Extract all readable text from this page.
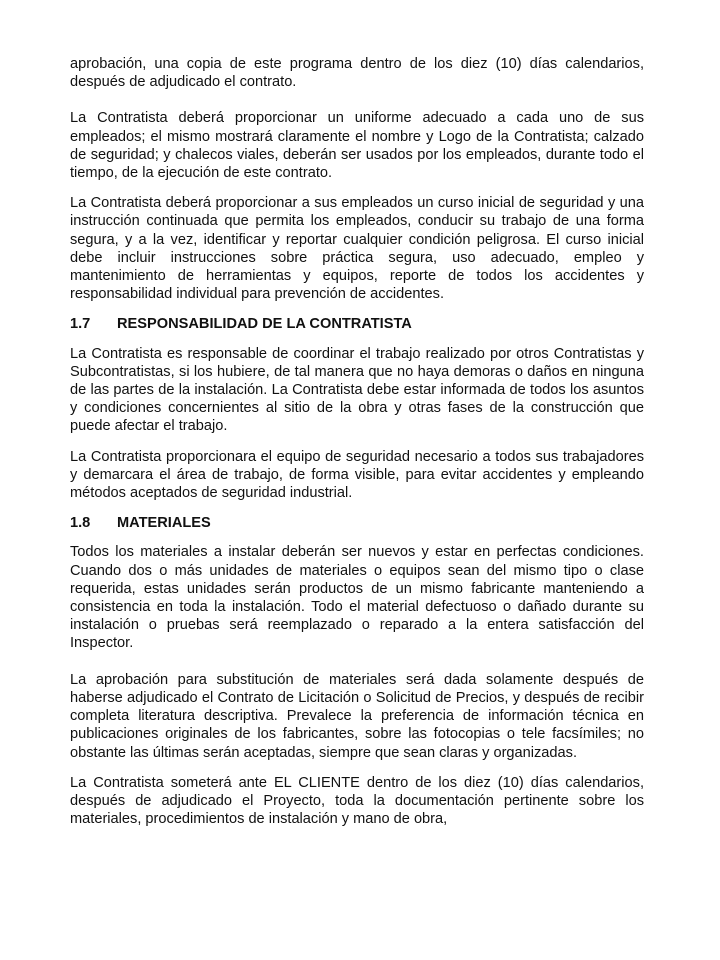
aprobación, una copia de este programa dentro de los diez (10) días calendarios, después de adjudicado el contrato.

La Contratista deberá proporcionar un uniforme adecuado a cada uno de sus empleados; el mismo mostrará claramente el nombre y Logo de la Contratista; calzado de seguridad; y chalecos viales, deberán ser usados por los empleados, durante todo el tiempo, de la ejecución de este contrato.

La Contratista deberá proporcionar a sus empleados un curso inicial de seguridad y una instrucción continuada que permita los empleados, conducir su trabajo de una forma segura, y a la vez, identificar y reportar cualquier condición peligrosa. El curso inicial debe incluir instrucciones sobre práctica segura, uso adecuado, empleo y mantenimiento de herramientas y equipos, reporte de todos los accidentes y responsabilidad individual para prevención de accidentes.

1.7	RESPONSABILIDAD DE LA CONTRATISTA

La Contratista es responsable de coordinar el trabajo realizado por otros Contratistas y Subcontratistas, si los hubiere, de tal manera que no haya demoras o daños en ninguna de las partes de la instalación. La Contratista debe estar informada de todos los asuntos y condiciones concernientes al sitio de la obra y otras fases de la construcción que puede afectar el trabajo.

La Contratista proporcionara el equipo de seguridad necesario a todos sus trabajadores y demarcara el área de trabajo, de forma visible, para evitar accidentes y empleando métodos aceptados de seguridad industrial.

1.8	MATERIALES

Todos los materiales a instalar deberán ser nuevos y estar en perfectas condiciones. Cuando dos o más unidades de materiales o equipos sean del mismo tipo o clase requerida, estas unidades serán productos de un mismo fabricante manteniendo a consistencia en toda la instalación. Todo el material defectuoso o dañado durante su instalación o pruebas será reemplazado o reparado a la entera satisfacción del Inspector.

La aprobación para substitución de materiales será dada solamente después de haberse adjudicado el Contrato de Licitación o Solicitud de Precios, y después de recibir completa literatura descriptiva. Prevalece la preferencia de información técnica en publicaciones originales de los fabricantes, sobre las fotocopias o tele facsímiles; no obstante las últimas serán aceptadas, siempre que sean claras y organizadas.

La Contratista someterá ante EL CLIENTE dentro de los diez (10) días calendarios, después de adjudicado el Proyecto, toda la documentación pertinente sobre los materiales, procedimientos de instalación y mano de obra,
